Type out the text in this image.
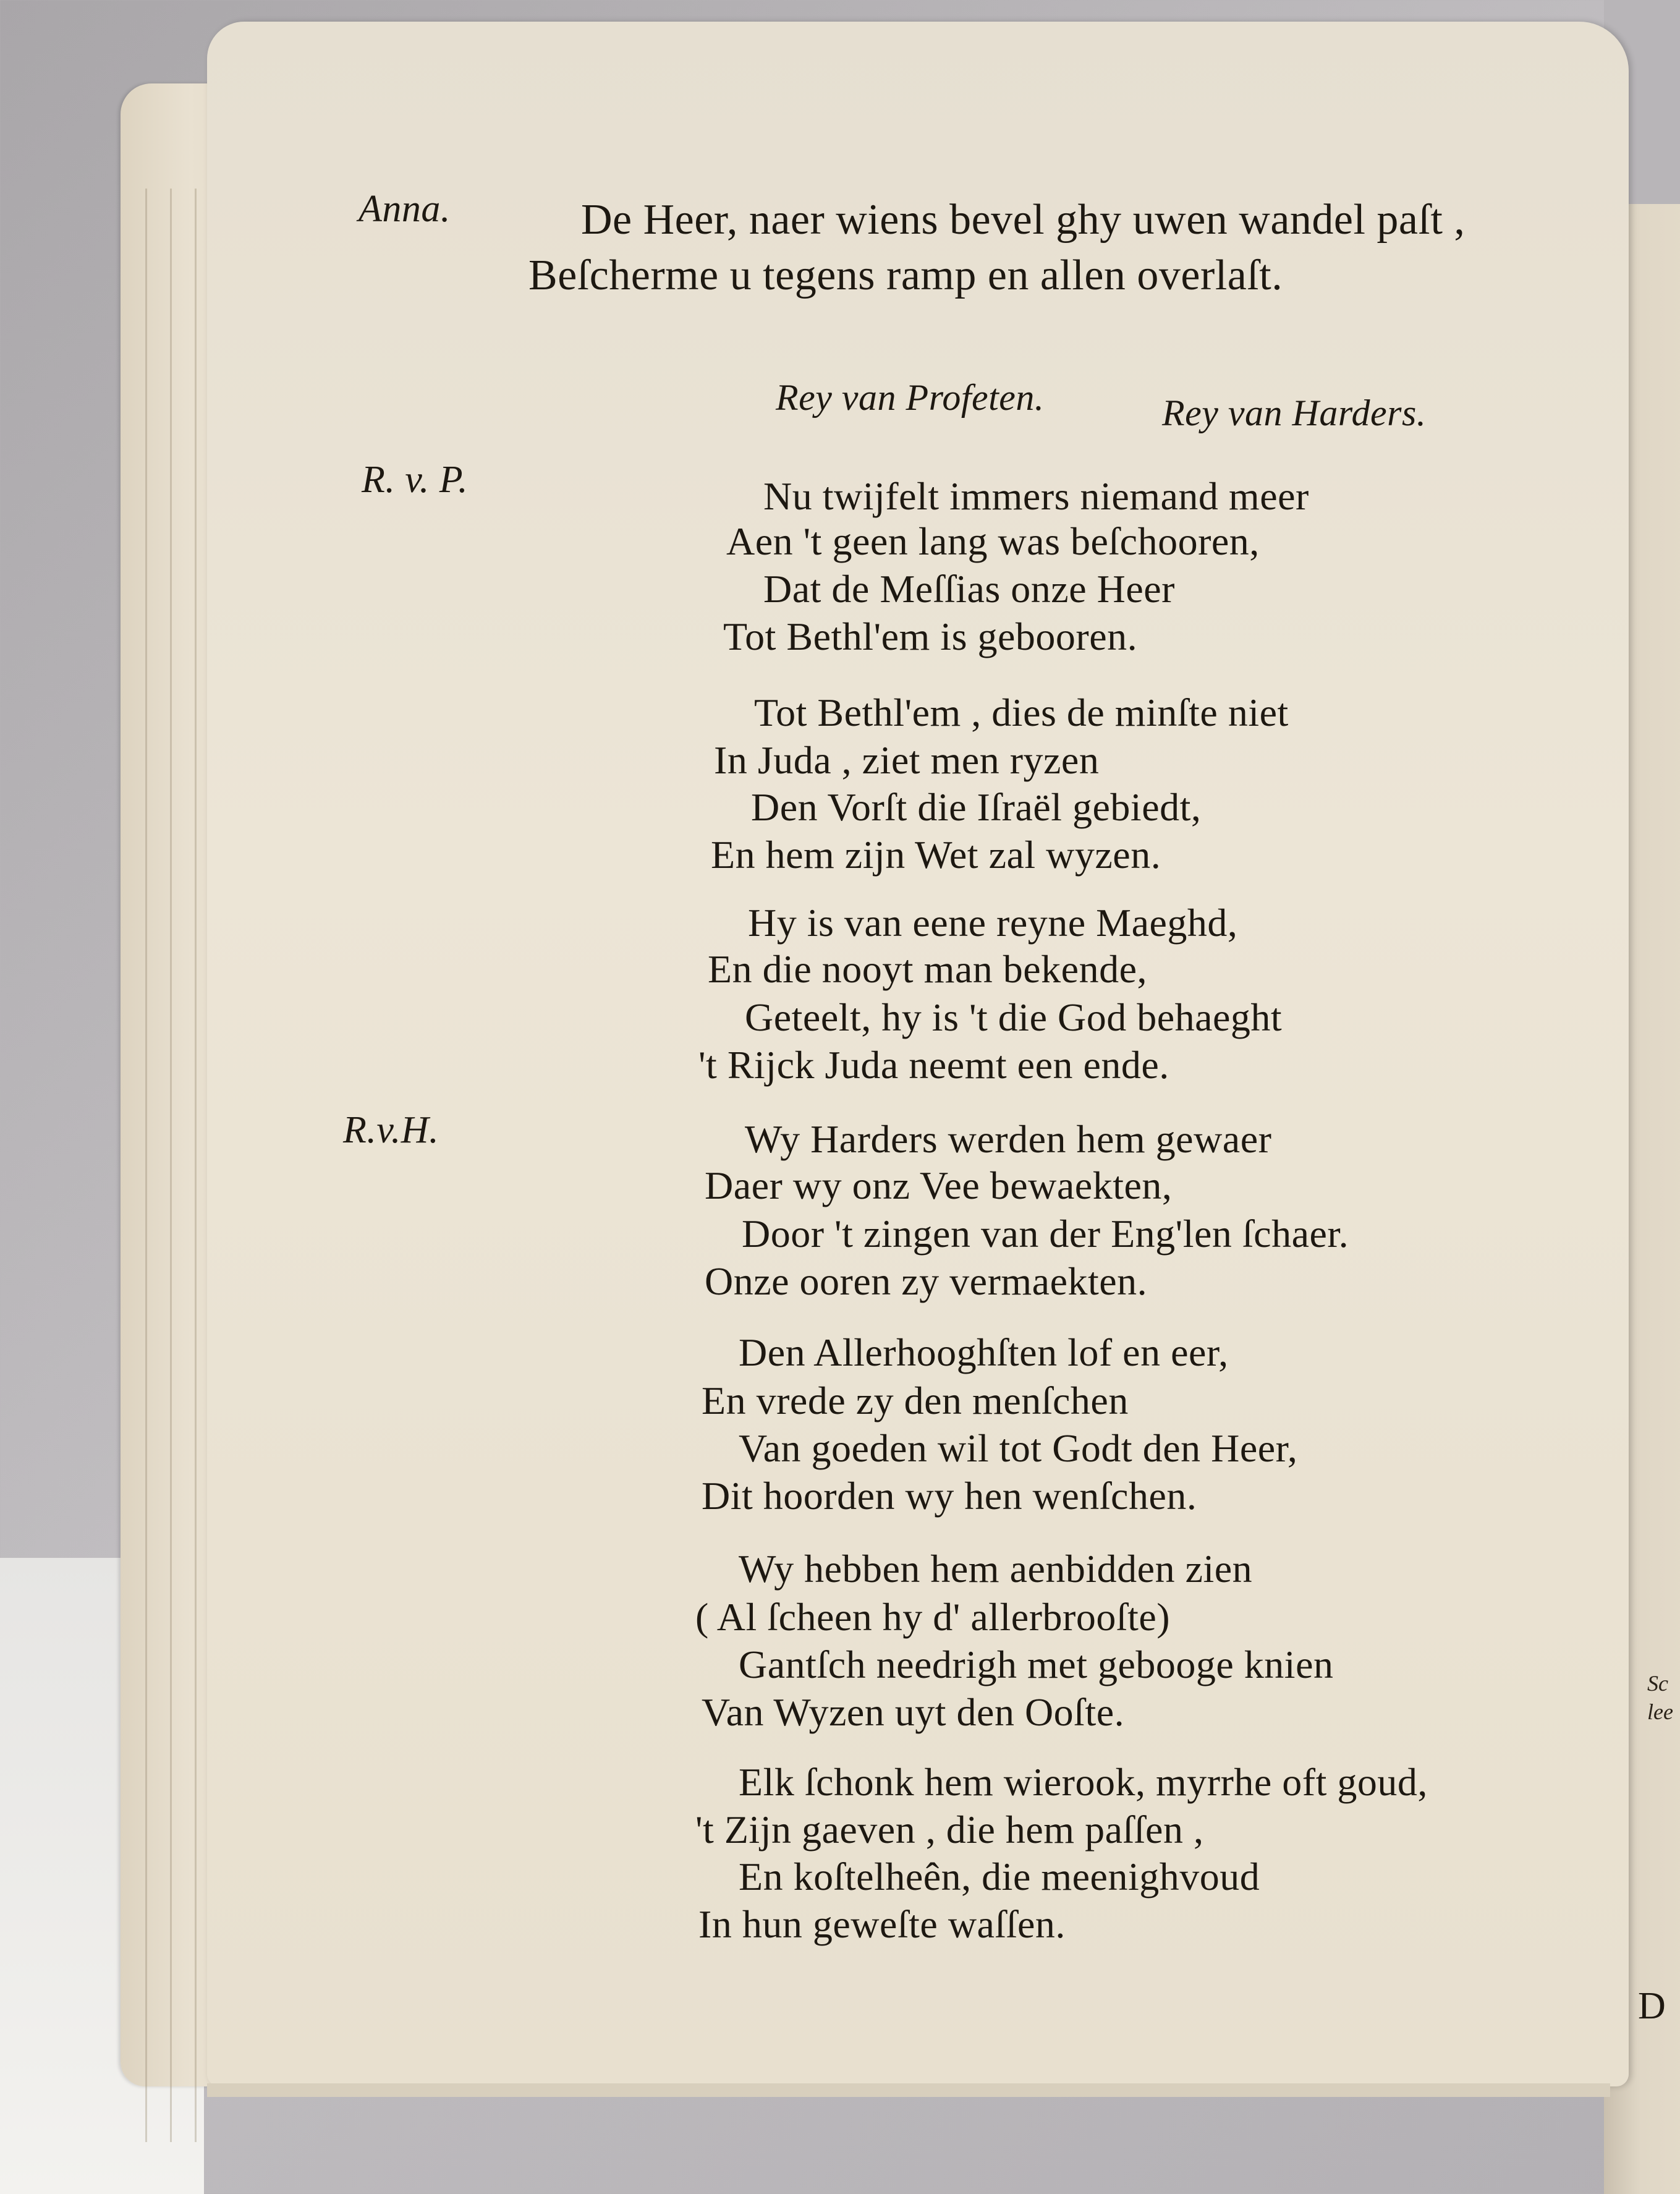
Sc
lee
D
Anna.	De Heer, naer wiens bevel ghy uwen wandel paſt ,
Beſcherme u tegens ramp en allen overlaſt.
Rey van Profeten.	Rey van Harders.
R. v. P.	Nu twijfelt immers niemand meer
Aen 't geen lang was beſchooren,
Dat de Meſſias onze Heer
Tot Bethl'em is gebooren.
Tot Bethl'em , dies de minſte niet
In Juda , ziet men ryzen
Den Vorſt die Iſraël gebiedt,
En hem zijn Wet zal wyzen.
Hy is van eene reyne Maeghd,
En die nooyt man bekende,
Geteelt, hy is 't die God behaeght
't Rijck Juda neemt een ende.
R.v.H.	Wy Harders werden hem gewaer
Daer wy onz Vee bewaekten,
Door 't zingen van der Eng'len ſchaer.
Onze ooren zy vermaekten.
Den Allerhooghſten lof en eer,
En vrede zy den menſchen
Van goeden wil tot Godt den Heer,
Dit hoorden wy hen wenſchen.
Wy hebben hem aenbidden zien
( Al ſcheen hy d' allerbrooſte)
Gantſch needrigh met gebooge knien
Van Wyzen uyt den Ooſte.
Elk ſchonk hem wierook, myrrhe oft goud,
't Zijn gaeven , die hem paſſen ,
En koſtelheên, die meenighvoud
In hun geweſte waſſen.
